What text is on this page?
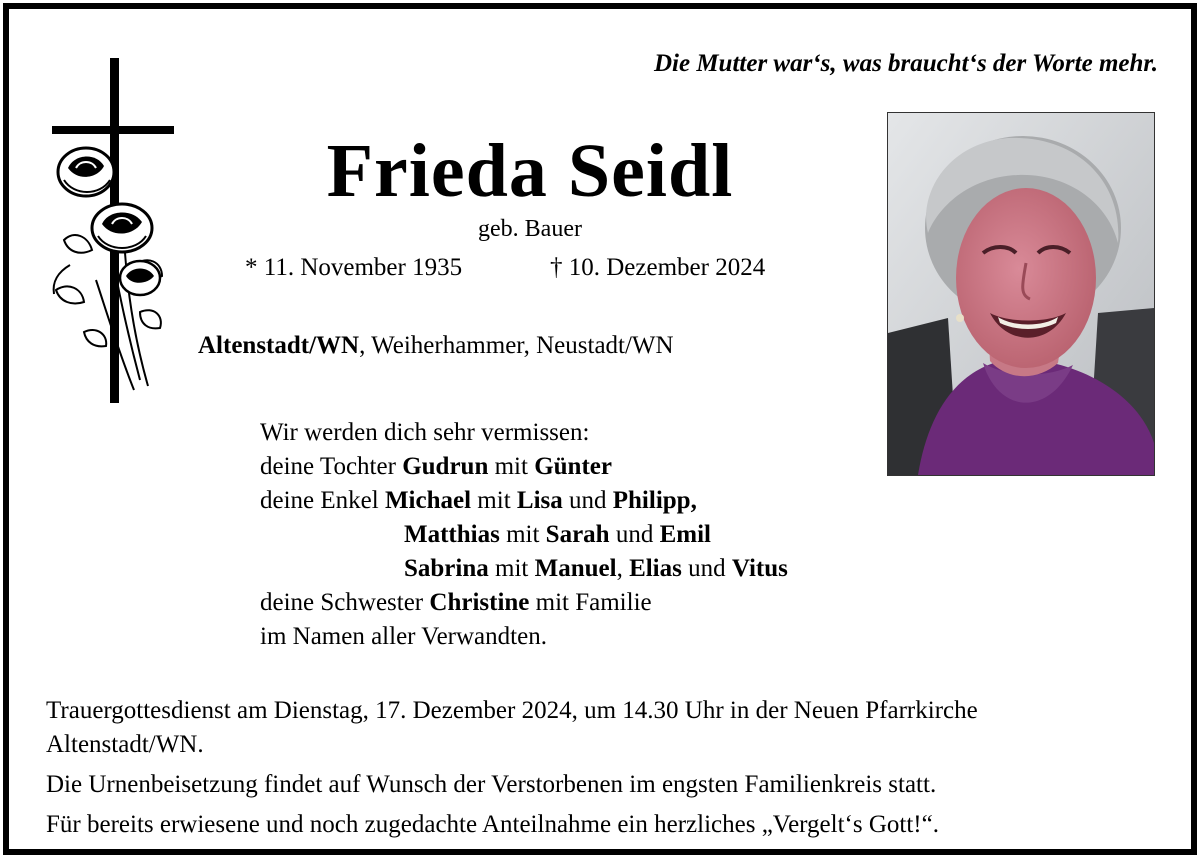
Die Mutter war‘s, was braucht‘s der Worte mehr.
Frieda Seidl
geb. Bauer
* 11. November 1935	† 10. Dezember 2024
Altenstadt/WN, Weiherhammer, Neustadt/WN
Wir werden dich sehr vermissen:
deine Tochter Gudrun mit Günter
deine Enkel Michael mit Lisa und Philipp,
Matthias mit Sarah und Emil
Sabrina mit Manuel, Elias und Vitus
deine Schwester Christine mit Familie
im Namen aller Verwandten.
Trauergottesdienst am Dienstag, 17. Dezember 2024, um 14.30 Uhr in der Neuen Pfarrkirche
Altenstadt/WN.
Die Urnenbeisetzung findet auf Wunsch der Verstorbenen im engsten Familienkreis statt.
Für bereits erwiesene und noch zugedachte Anteilnahme ein herzliches „Vergelt‘s Gott!“.
